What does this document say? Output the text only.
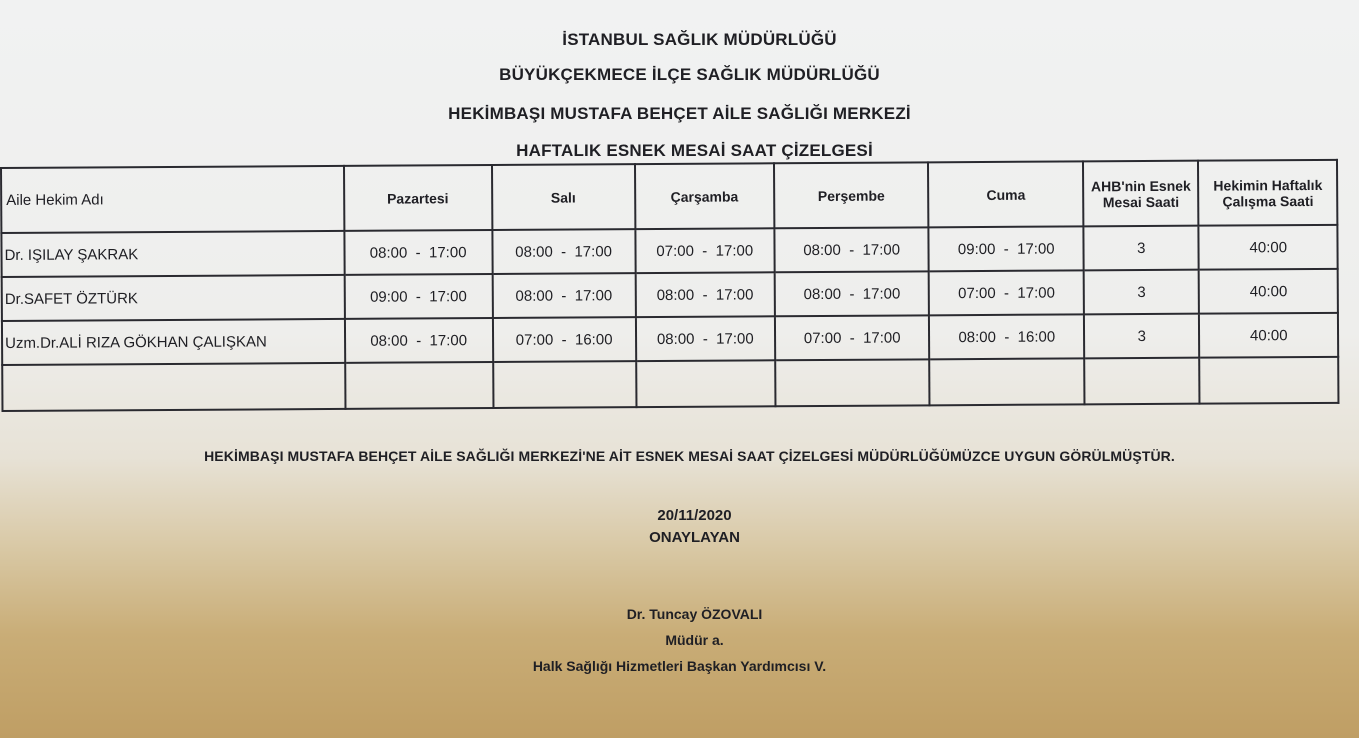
İSTANBUL SAĞLIK MÜDÜRLÜĞÜ
BÜYÜKÇEKMECE İLÇE SAĞLIK MÜDÜRLÜĞÜ
HEKİMBAŞI MUSTAFA BEHÇET AİLE SAĞLIĞI MERKEZİ
HAFTALIK ESNEK MESAİ SAAT ÇİZELGESİ
Aile Hekim Adı	Pazartesi	Salı	Çarşamba	Perşembe	Cuma	AHB'nin Esnek Mesai Saati	Hekimin Haftalık Çalışma Saati
Dr. IŞILAY ŞAKRAK	08:00  -  17:00	08:00  -  17:00	07:00  -  17:00	08:00  -  17:00	09:00  -  17:00	3	40:00
Dr.SAFET ÖZTÜRK	09:00  -  17:00	08:00  -  17:00	08:00  -  17:00	08:00  -  17:00	07:00  -  17:00	3	40:00
Uzm.Dr.ALİ RIZA GÖKHAN ÇALIŞKAN	08:00  -  17:00	07:00  -  16:00	08:00  -  17:00	07:00  -  17:00	08:00  -  16:00	3	40:00

HEKİMBAŞI MUSTAFA BEHÇET AİLE SAĞLIĞI MERKEZİ'NE AİT ESNEK MESAİ SAAT ÇİZELGESİ MÜDÜRLÜĞÜMÜZCE UYGUN GÖRÜLMÜŞTÜR.
20/11/2020
ONAYLAYAN
Dr. Tuncay ÖZOVALI
Müdür a.
Halk Sağlığı Hizmetleri Başkan Yardımcısı V.
